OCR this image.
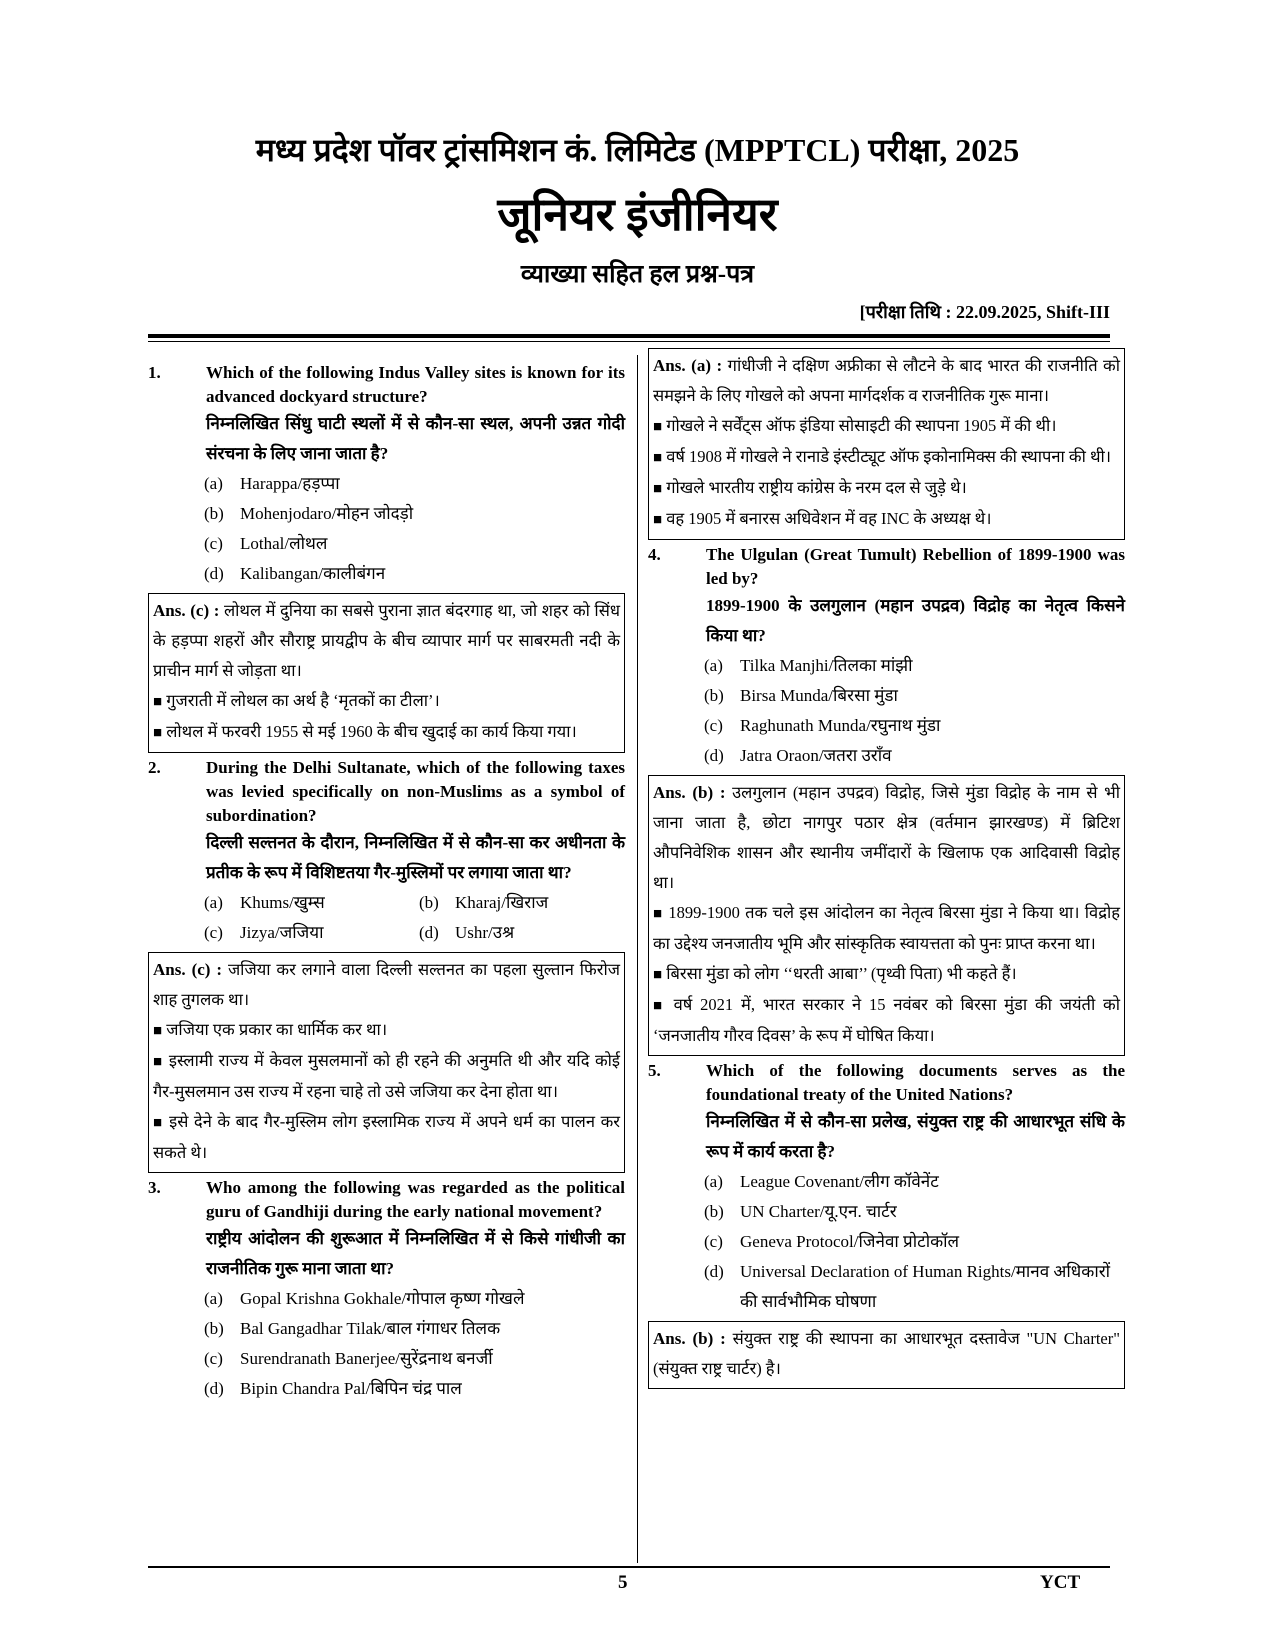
मध्य प्रदेश पॉवर ट्रांसमिशन कं. लिमिटेड (MPPTCL) परीक्षा, 2025
जूनियर इंजीनियर
व्याख्या सहित हल प्रश्न-पत्र
[परीक्षा तिथि : 22.09.2025, Shift-III
1.	Which of the following Indus Valley sites is known for its advanced dockyard structure?
निम्नलिखित सिंधु घाटी स्थलों में से कौन-सा स्थल, अपनी उन्नत गोदी संरचना के लिए जाना जाता है?
(a) Harappa/हड़प्पा
(b) Mohenjodaro/मोहन जोदड़ो
(c) Lothal/लोथल
(d) Kalibangan/कालीबंगन

Ans. (c) : लोथल में दुनिया का सबसे पुराना ज्ञात बंदरगाह था, जो शहर को सिंध के हड़प्पा शहरों और सौराष्ट्र प्रायद्वीप के बीच व्यापार मार्ग पर साबरमती नदी के प्राचीन मार्ग से जोड़ता था।

■ गुजराती में लोथल का अर्थ है ‘मृतकों का टीला’।

■ लोथल में फरवरी 1955 से मई 1960 के बीच खुदाई का कार्य किया गया।

2.	During the Delhi Sultanate, which of the following taxes was levied specifically on non-Muslims as a symbol of subordination?
दिल्ली सल्तनत के दौरान, निम्नलिखित में से कौन-सा कर अधीनता के प्रतीक के रूप में विशिष्टतया गैर-मुस्लिमों पर लगाया जाता था?
(a) Khums/खुम्स	(b) Kharaj/खिराज
(c) Jizya/जजिया	(d) Ushr/उश्र

Ans. (c) : जजिया कर लगाने वाला दिल्ली सल्तनत का पहला सुल्तान फिरोज शाह तुगलक था।

■ जजिया एक प्रकार का धार्मिक कर था।

■ इस्लामी राज्य में केवल मुसलमानों को ही रहने की अनुमति थी और यदि कोई गैर-मुसलमान उस राज्य में रहना चाहे तो उसे जजिया कर देना होता था।

■ इसे देने के बाद गैर-मुस्लिम लोग इस्लामिक राज्य में अपने धर्म का पालन कर सकते थे।

3.	Who among the following was regarded as the political guru of Gandhiji during the early national movement?
राष्ट्रीय आंदोलन की शुरूआत में निम्नलिखित में से किसे गांधीजी का राजनीतिक गुरू माना जाता था?
(a) Gopal Krishna Gokhale/गोपाल कृष्ण गोखले
(b) Bal Gangadhar Tilak/बाल गंगाधर तिलक
(c) Surendranath Banerjee/सुरेंद्रनाथ बनर्जी
(d) Bipin Chandra Pal/बिपिन चंद्र पाल

Ans. (a) : गांधीजी ने दक्षिण अफ्रीका से लौटने के बाद भारत की राजनीति को समझने के लिए गोखले को अपना मार्गदर्शक व राजनीतिक गुरू माना।

■ गोखले ने सर्वेंट्स ऑफ इंडिया सोसाइटी की स्थापना 1905 में की थी।

■ वर्ष 1908 में गोखले ने रानाडे इंस्टीट्यूट ऑफ इकोनामिक्स की स्थापना की थी।

■ गोखले भारतीय राष्ट्रीय कांग्रेस के नरम दल से जुड़े थे।

■ वह 1905 में बनारस अधिवेशन में वह INC के अध्यक्ष थे।

4.	The Ulgulan (Great Tumult) Rebellion of 1899-1900 was led by?
1899-1900 के उलगुलान (महान उपद्रव) विद्रोह का नेतृत्व किसने किया था?
(a) Tilka Manjhi/तिलका मांझी
(b) Birsa Munda/बिरसा मुंडा
(c) Raghunath Munda/रघुनाथ मुंडा
(d) Jatra Oraon/जतरा उराँव

Ans. (b) : उलगुलान (महान उपद्रव) विद्रोह, जिसे मुंडा विद्रोह के नाम से भी जाना जाता है, छोटा नागपुर पठार क्षेत्र (वर्तमान झारखण्ड) में ब्रिटिश औपनिवेशिक शासन और स्थानीय जमींदारों के खिलाफ एक आदिवासी विद्रोह था।

■ 1899-1900 तक चले इस आंदोलन का नेतृत्व बिरसा मुंडा ने किया था। विद्रोह का उद्देश्य जनजातीय भूमि और सांस्कृतिक स्वायत्तता को पुनः प्राप्त करना था।

■ बिरसा मुंडा को लोग ‘‘धरती आबा’’ (पृथ्वी पिता) भी कहते हैं।

■ वर्ष 2021 में, भारत सरकार ने 15 नवंबर को बिरसा मुंडा की जयंती को ‘जनजातीय गौरव दिवस’ के रूप में घोषित किया।

5.	Which of the following documents serves as the foundational treaty of the United Nations?
निम्नलिखित में से कौन-सा प्रलेख, संयुक्त राष्ट्र की आधारभूत संधि के रूप में कार्य करता है?
(a) League Covenant/लीग कॉवेनेंट
(b) UN Charter/यू.एन. चार्टर
(c) Geneva Protocol/जिनेवा प्रोटोकॉल
(d) Universal Declaration of Human Rights/मानव अधिकारों की सार्वभौमिक घोषणा

Ans. (b) : संयुक्त राष्ट्र की स्थापना का आधारभूत दस्तावेज "UN Charter" (संयुक्त राष्ट्र चार्टर) है।

5	YCT
